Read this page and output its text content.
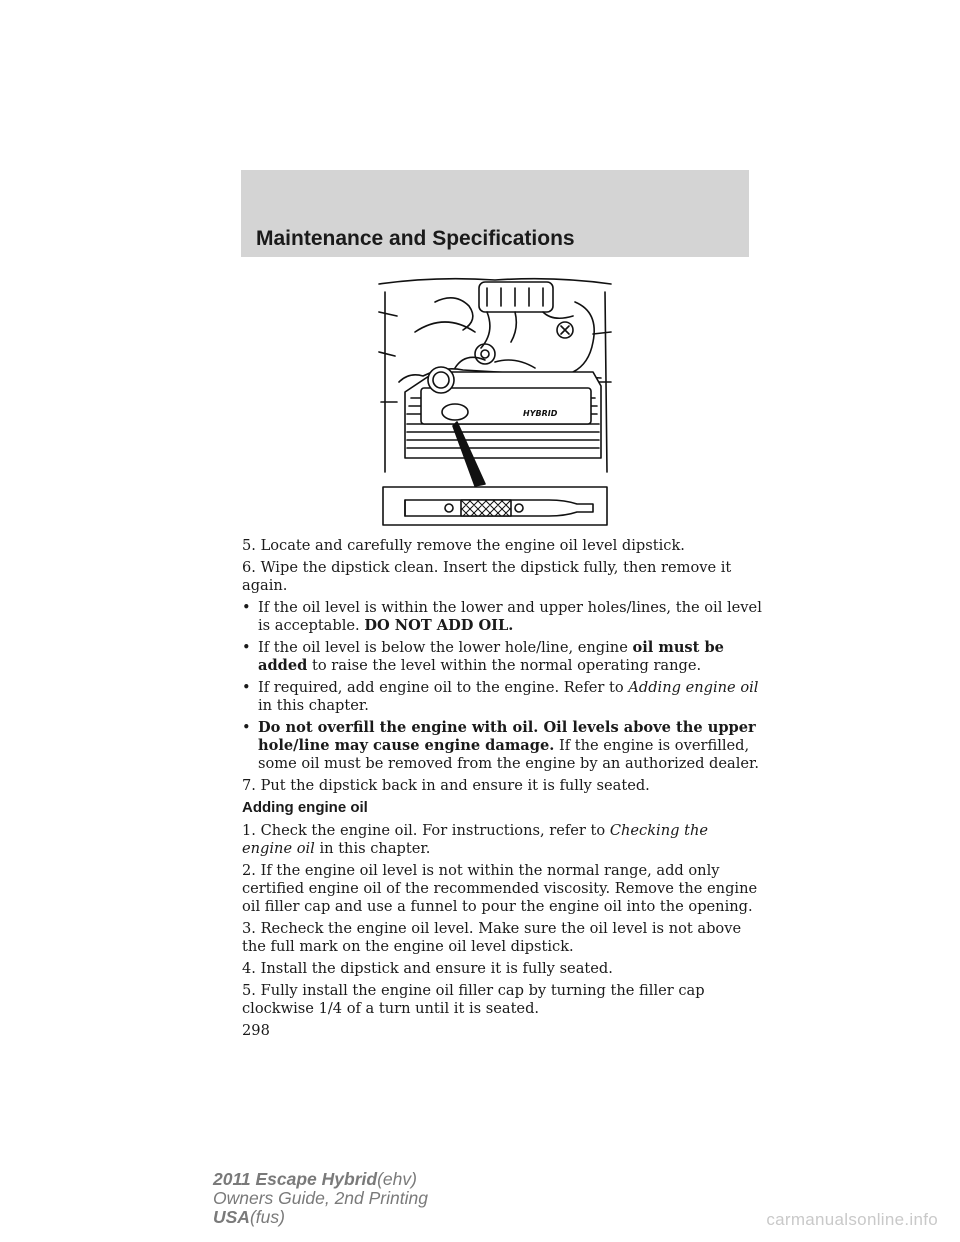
Maintenance and Specifications
HYBRID

5. Locate and carefully remove the engine oil level dipstick.

6. Wipe the dipstick clean. Insert the dipstick fully, then remove it again.

• If the oil level is within the lower and upper holes/lines, the oil level is acceptable. DO NOT ADD OIL.
• If the oil level is below the lower hole/line, engine oil must be added to raise the level within the normal operating range.
• If required, add engine oil to the engine. Refer to Adding engine oil in this chapter.
• Do not overfill the engine with oil. Oil levels above the upper hole/line may cause engine damage. If the engine is overfilled, some oil must be removed from the engine by an authorized dealer.

7. Put the dipstick back in and ensure it is fully seated.

Adding engine oil

1. Check the engine oil. For instructions, refer to Checking the engine oil in this chapter.

2. If the engine oil level is not within the normal range, add only certified engine oil of the recommended viscosity. Remove the engine oil filler cap and use a funnel to pour the engine oil into the opening.

3. Recheck the engine oil level. Make sure the oil level is not above the full mark on the engine oil level dipstick.

4. Install the dipstick and ensure it is fully seated.

5. Fully install the engine oil filler cap by turning the filler cap clockwise 1/4 of a turn until it is seated.

298
2011 Escape Hybrid(ehv)
Owners Guide, 2nd Printing
USA(fus)	carmanualsonline.info
